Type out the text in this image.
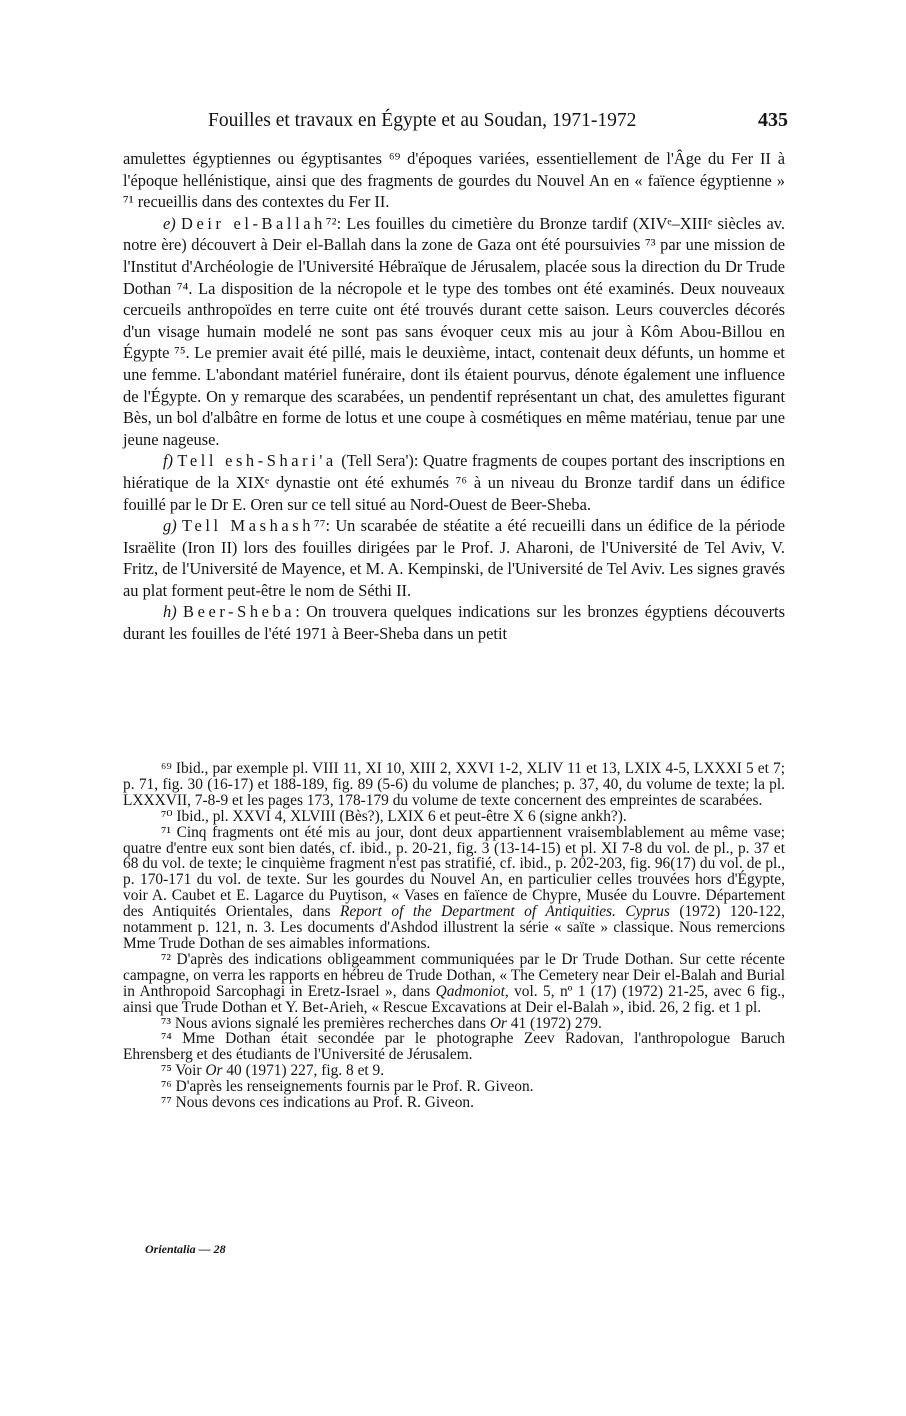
Fouilles et travaux en Égypte et au Soudan, 1971-1972	435

amulettes égyptiennes ou égyptisantes ⁶⁹ d'époques variées, essentiellement de l'Âge du Fer II à l'époque hellénistique, ainsi que des fragments de gourdes du Nouvel An en « faïence égyptienne » ⁷¹ recueillis dans des contextes du Fer II.

e) Deir el-Ballah⁷²: Les fouilles du cimetière du Bronze tardif (XIVᵉ–XIIIᵉ siècles av. notre ère) découvert à Deir el-Ballah dans la zone de Gaza ont été poursuivies ⁷³ par une mission de l'Institut d'Archéologie de l'Université Hébraïque de Jérusalem, placée sous la direction du Dr Trude Dothan ⁷⁴. La disposition de la nécropole et le type des tombes ont été examinés. Deux nouveaux cercueils anthropoïdes en terre cuite ont été trouvés durant cette saison. Leurs couvercles décorés d'un visage humain modelé ne sont pas sans évoquer ceux mis au jour à Kôm Abou-Billou en Égypte ⁷⁵. Le premier avait été pillé, mais le deuxième, intact, contenait deux défunts, un homme et une femme. L'abondant matériel funéraire, dont ils étaient pourvus, dénote également une influence de l'Égypte. On y remarque des scarabées, un pendentif représentant un chat, des amulettes figurant Bès, un bol d'albâtre en forme de lotus et une coupe à cosmétiques en même matériau, tenue par une jeune nageuse.

f) Tell esh-Shari'a (Tell Sera'): Quatre fragments de coupes portant des inscriptions en hiératique de la XIXᵉ dynastie ont été exhumés ⁷⁶ à un niveau du Bronze tardif dans un édifice fouillé par le Dr E. Oren sur ce tell situé au Nord-Ouest de Beer-Sheba.

g) Tell Mashash⁷⁷: Un scarabée de stéatite a été recueilli dans un édifice de la période Israëlite (Iron II) lors des fouilles dirigées par le Prof. J. Aharoni, de l'Université de Tel Aviv, V. Fritz, de l'Université de Mayence, et M. A. Kempinski, de l'Université de Tel Aviv. Les signes gravés au plat forment peut-être le nom de Séthi II.

h) Beer-Sheba: On trouvera quelques indications sur les bronzes égyptiens découverts durant les fouilles de l'été 1971 à Beer-Sheba dans un petit

⁶⁹ Ibid., par exemple pl. VIII 11, XI 10, XIII 2, XXVI 1-2, XLIV 11 et 13, LXIX 4-5, LXXXI 5 et 7; p. 71, fig. 30 (16-17) et 188-189, fig. 89 (5-6) du volume de planches; p. 37, 40, du volume de texte; la pl. LXXXVII, 7-8-9 et les pages 173, 178-179 du volume de texte concernent des empreintes de scarabées.

⁷⁰ Ibid., pl. XXVI 4, XLVIII (Bès?), LXIX 6 et peut-être X 6 (signe ankh?).

⁷¹ Cinq fragments ont été mis au jour, dont deux appartiennent vraisemblablement au même vase; quatre d'entre eux sont bien datés, cf. ibid., p. 20-21, fig. 3 (13-14-15) et pl. XI 7-8 du vol. de pl., p. 37 et 68 du vol. de texte; le cinquième fragment n'est pas stratifié, cf. ibid., p. 202-203, fig. 96(17) du vol. de pl., p. 170-171 du vol. de texte. Sur les gourdes du Nouvel An, en particulier celles trouvées hors d'Égypte, voir A. Caubet et E. Lagarce du Puytison, « Vases en faïence de Chypre, Musée du Louvre. Département des Antiquités Orientales, dans Report of the Department of Antiquities. Cyprus (1972) 120-122, notamment p. 121, n. 3. Les documents d'Ashdod illustrent la série « saïte » classique. Nous remercions Mme Trude Dothan de ses aimables informations.

⁷² D'après des indications obligeamment communiquées par le Dr Trude Dothan. Sur cette récente campagne, on verra les rapports en hébreu de Trude Dothan, « The Cemetery near Deir el-Balah and Burial in Anthropoid Sarcophagi in Eretz-Israel », dans Qadmoniot, vol. 5, nº 1 (17) (1972) 21-25, avec 6 fig., ainsi que Trude Dothan et Y. Bet-Arieh, « Rescue Excavations at Deir el-Balah », ibid. 26, 2 fig. et 1 pl.

⁷³ Nous avions signalé les premières recherches dans Or 41 (1972) 279.

⁷⁴ Mme Dothan était secondée par le photographe Zeev Radovan, l'anthropologue Baruch Ehrensberg et des étudiants de l'Université de Jérusalem.

⁷⁵ Voir Or 40 (1971) 227, fig. 8 et 9.

⁷⁶ D'après les renseignements fournis par le Prof. R. Giveon.

⁷⁷ Nous devons ces indications au Prof. R. Giveon.

Orientalia — 28
